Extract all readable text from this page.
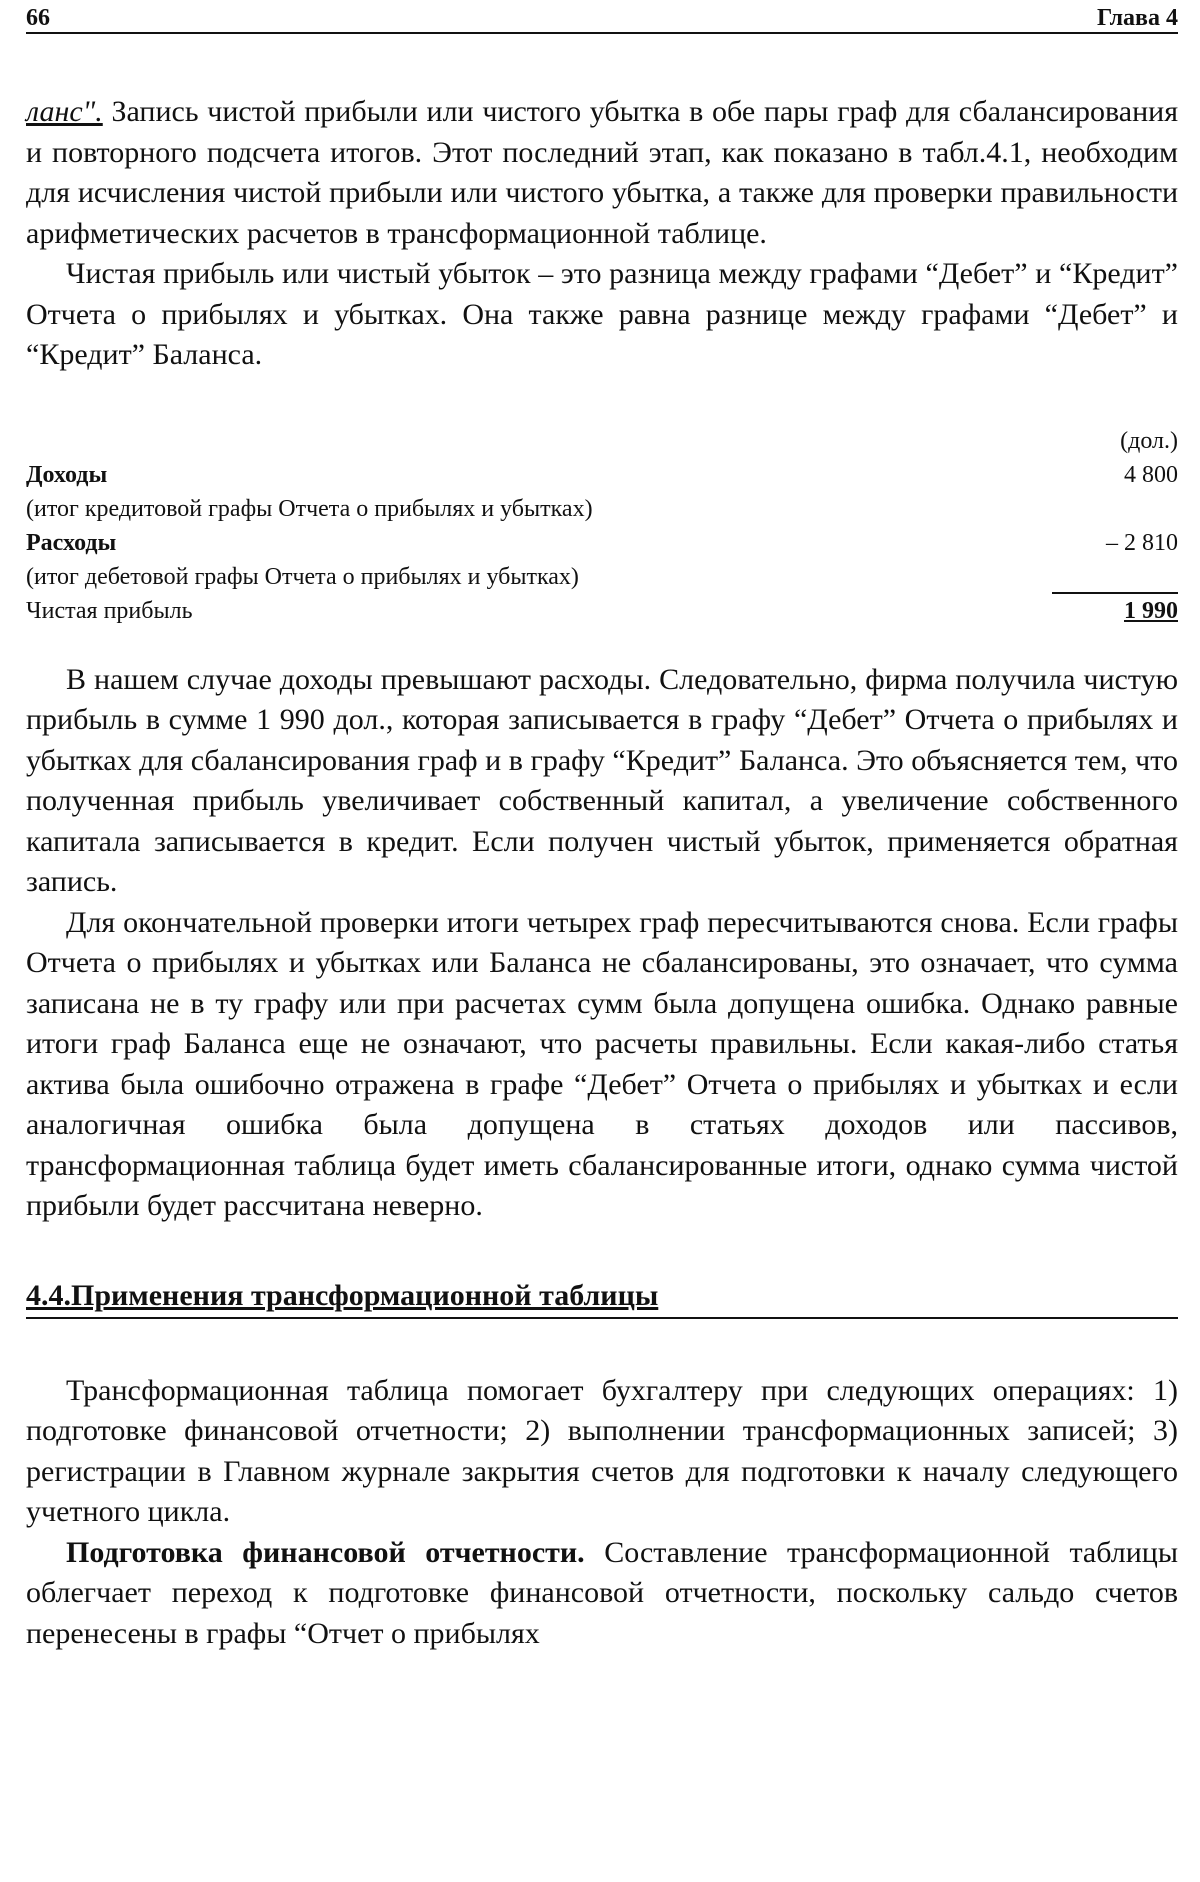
66	Глава 4

ланс". Запись чистой прибыли или чистого убытка в обе пары граф для сбалансирования и повторного подсчета итогов. Этот последний этап, как показано в табл.4.1, необходим для исчисления чистой прибыли или чистого убытка, а также для проверки правильности арифметических расчетов в трансформационной таблице.

Чистая прибыль или чистый убыток – это разница между графами “Дебет” и “Кредит” Отчета о прибылях и убытках. Она также равна разнице между графами “Дебет” и “Кредит” Баланса.

(дол.)
Доходы	4 800
(итог кредитовой графы Отчета о прибылях и убытках)
Расходы	– 2 810
(итог дебетовой графы Отчета о прибылях и убытках)
Чистая прибыль	1 990

В нашем случае доходы превышают расходы. Следовательно, фирма получила чистую прибыль в сумме 1 990 дол., которая записывается в графу “Дебет” Отчета о прибылях и убытках для сбалансирования граф и в графу “Кредит” Баланса. Это объясняется тем, что полученная прибыль увеличивает собственный капитал, а увеличение собственного капитала записывается в кредит. Если получен чистый убыток, применяется обратная запись.

Для окончательной проверки итоги четырех граф пересчитываются снова. Если графы Отчета о прибылях и убытках или Баланса не сбалансированы, это означает, что сумма записана не в ту графу или при расчетах сумм была допущена ошибка. Однако равные итоги граф Баланса еще не означают, что расчеты правильны. Если какая-либо статья актива была ошибочно отражена в графе “Дебет” Отчета о прибылях и убытках и если аналогичная ошибка была допущена в статьях доходов или пассивов, трансформационная таблица будет иметь сбалансированные итоги, однако сумма чистой прибыли будет рассчитана неверно.

4.4.Применения трансформационной таблицы

Трансформационная таблица помогает бухгалтеру при следующих операциях: 1) подготовке финансовой отчетности; 2) выполнении трансформационных записей; 3) регистрации в Главном журнале закрытия счетов для подготовки к началу следующего учетного цикла.

Подготовка финансовой отчетности. Составление трансформационной таблицы облегчает переход к подготовке финансовой отчетности, поскольку сальдо счетов перенесены в графы “Отчет о прибылях
